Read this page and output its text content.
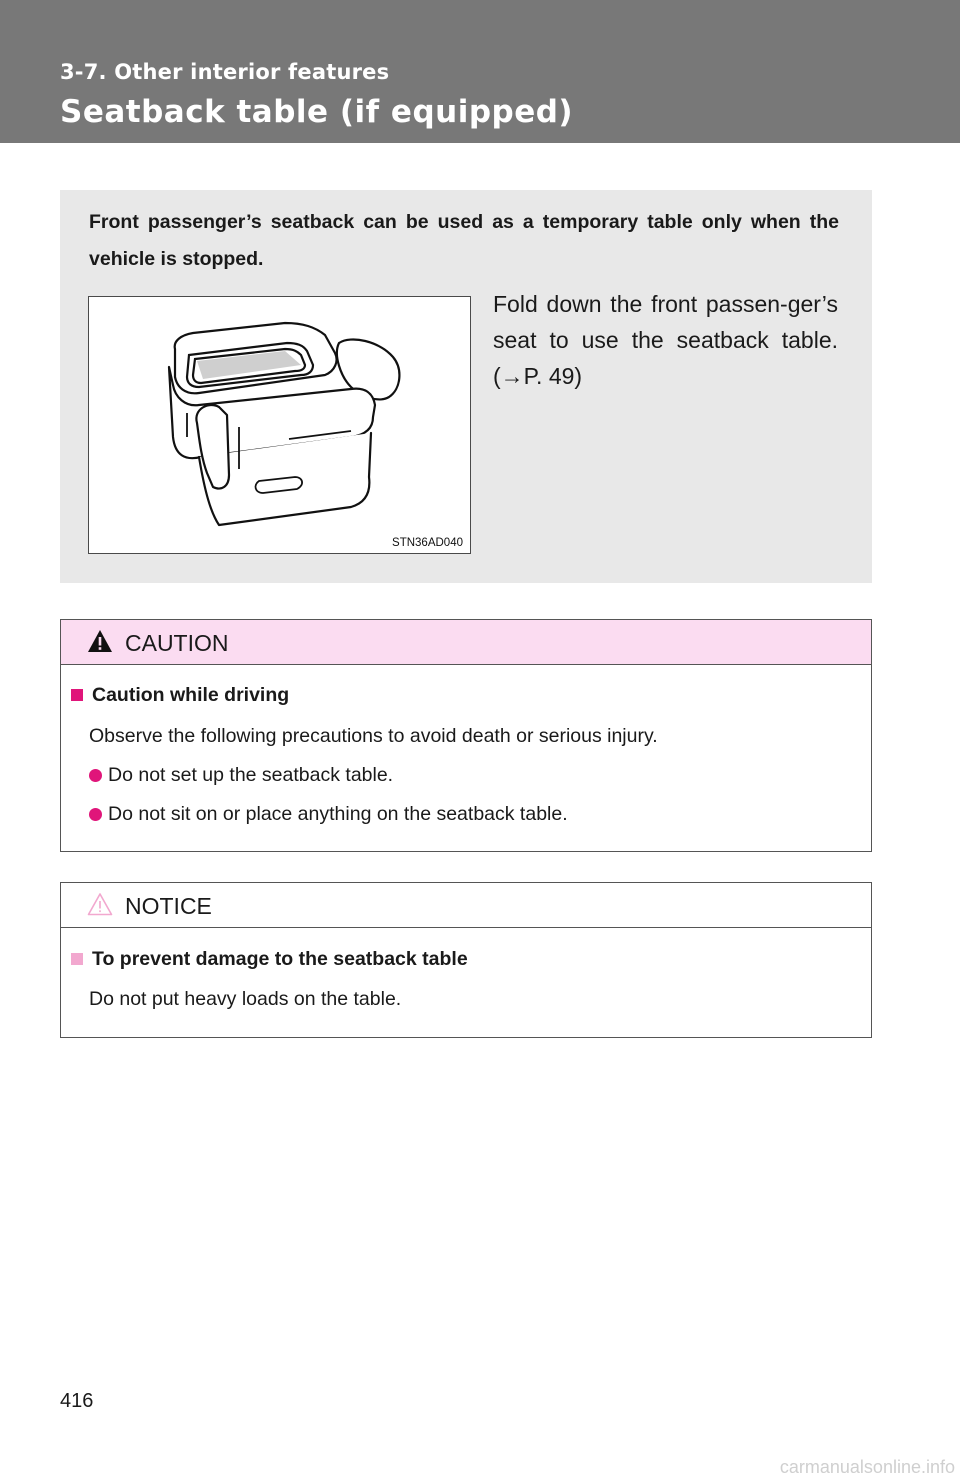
3-7. Other interior features

Seatback table (if equipped)

Front passenger’s seatback can be used as a temporary table only when the vehicle is stopped.

STN36AD040

Fold down the front passen-ger’s seat to use the seatback table. (→P. 49)

CAUTION
Caution while driving
Observe the following precautions to avoid death or serious injury.
Do not set up the seatback table.
Do not sit on or place anything on the seatback table.
NOTICE
To prevent damage to the seatback table
Do not put heavy loads on the table.
416
carmanualsonline.info
